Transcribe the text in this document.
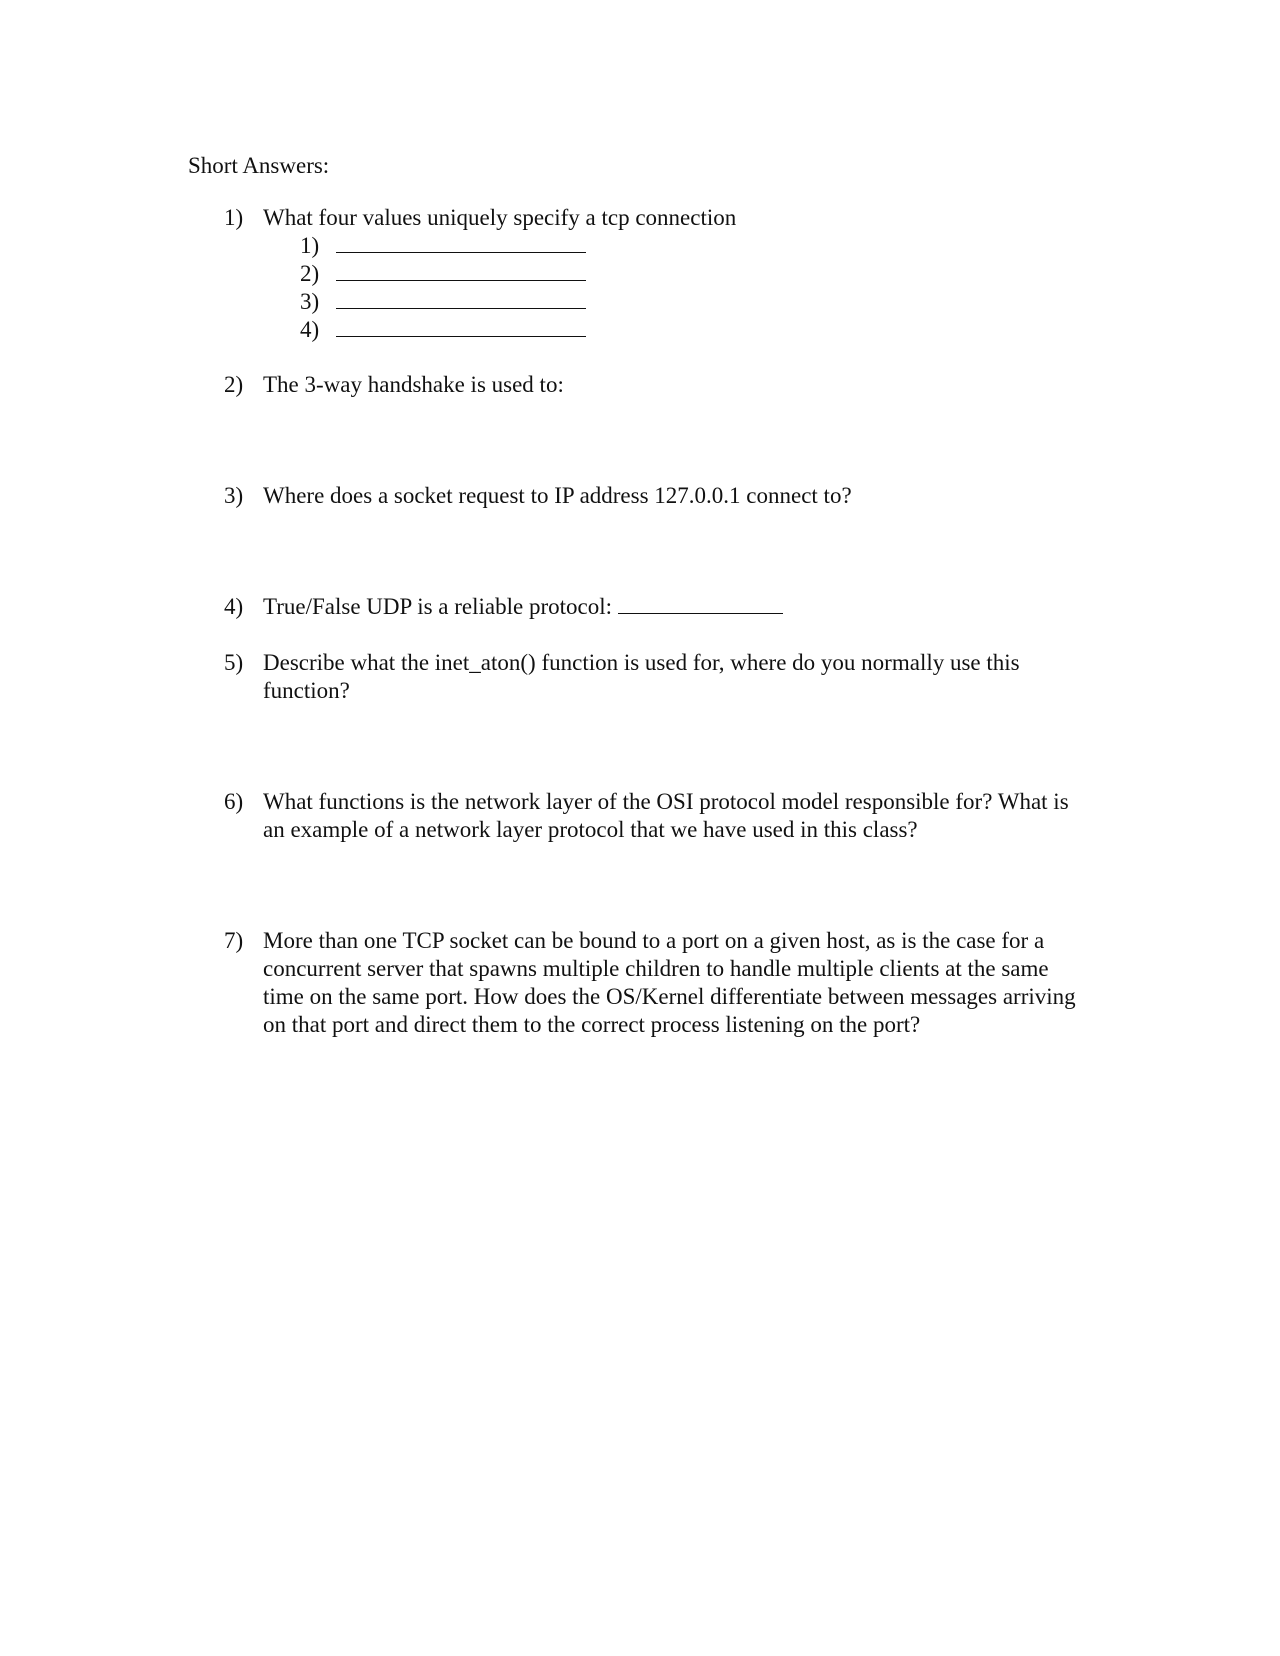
Short Answers:
1) What four values uniquely specify a tcp connection
1)
2)
3)
4)
2) The 3-way handshake is used to:
3) Where does a socket request to IP address 127.0.0.1 connect to?
4) True/False UDP is a reliable protocol:
5) Describe what the inet_aton() function is used for, where do you normally use this function?
6) What functions is the network layer of the OSI protocol model responsible for? What is an example of a network layer protocol that we have used in this class?
7) More than one TCP socket can be bound to a port on a given host, as is the case for a concurrent server that spawns multiple children to handle multiple clients at the same time on the same port. How does the OS/Kernel differentiate between messages arriving on that port and direct them to the correct process listening on the port?
